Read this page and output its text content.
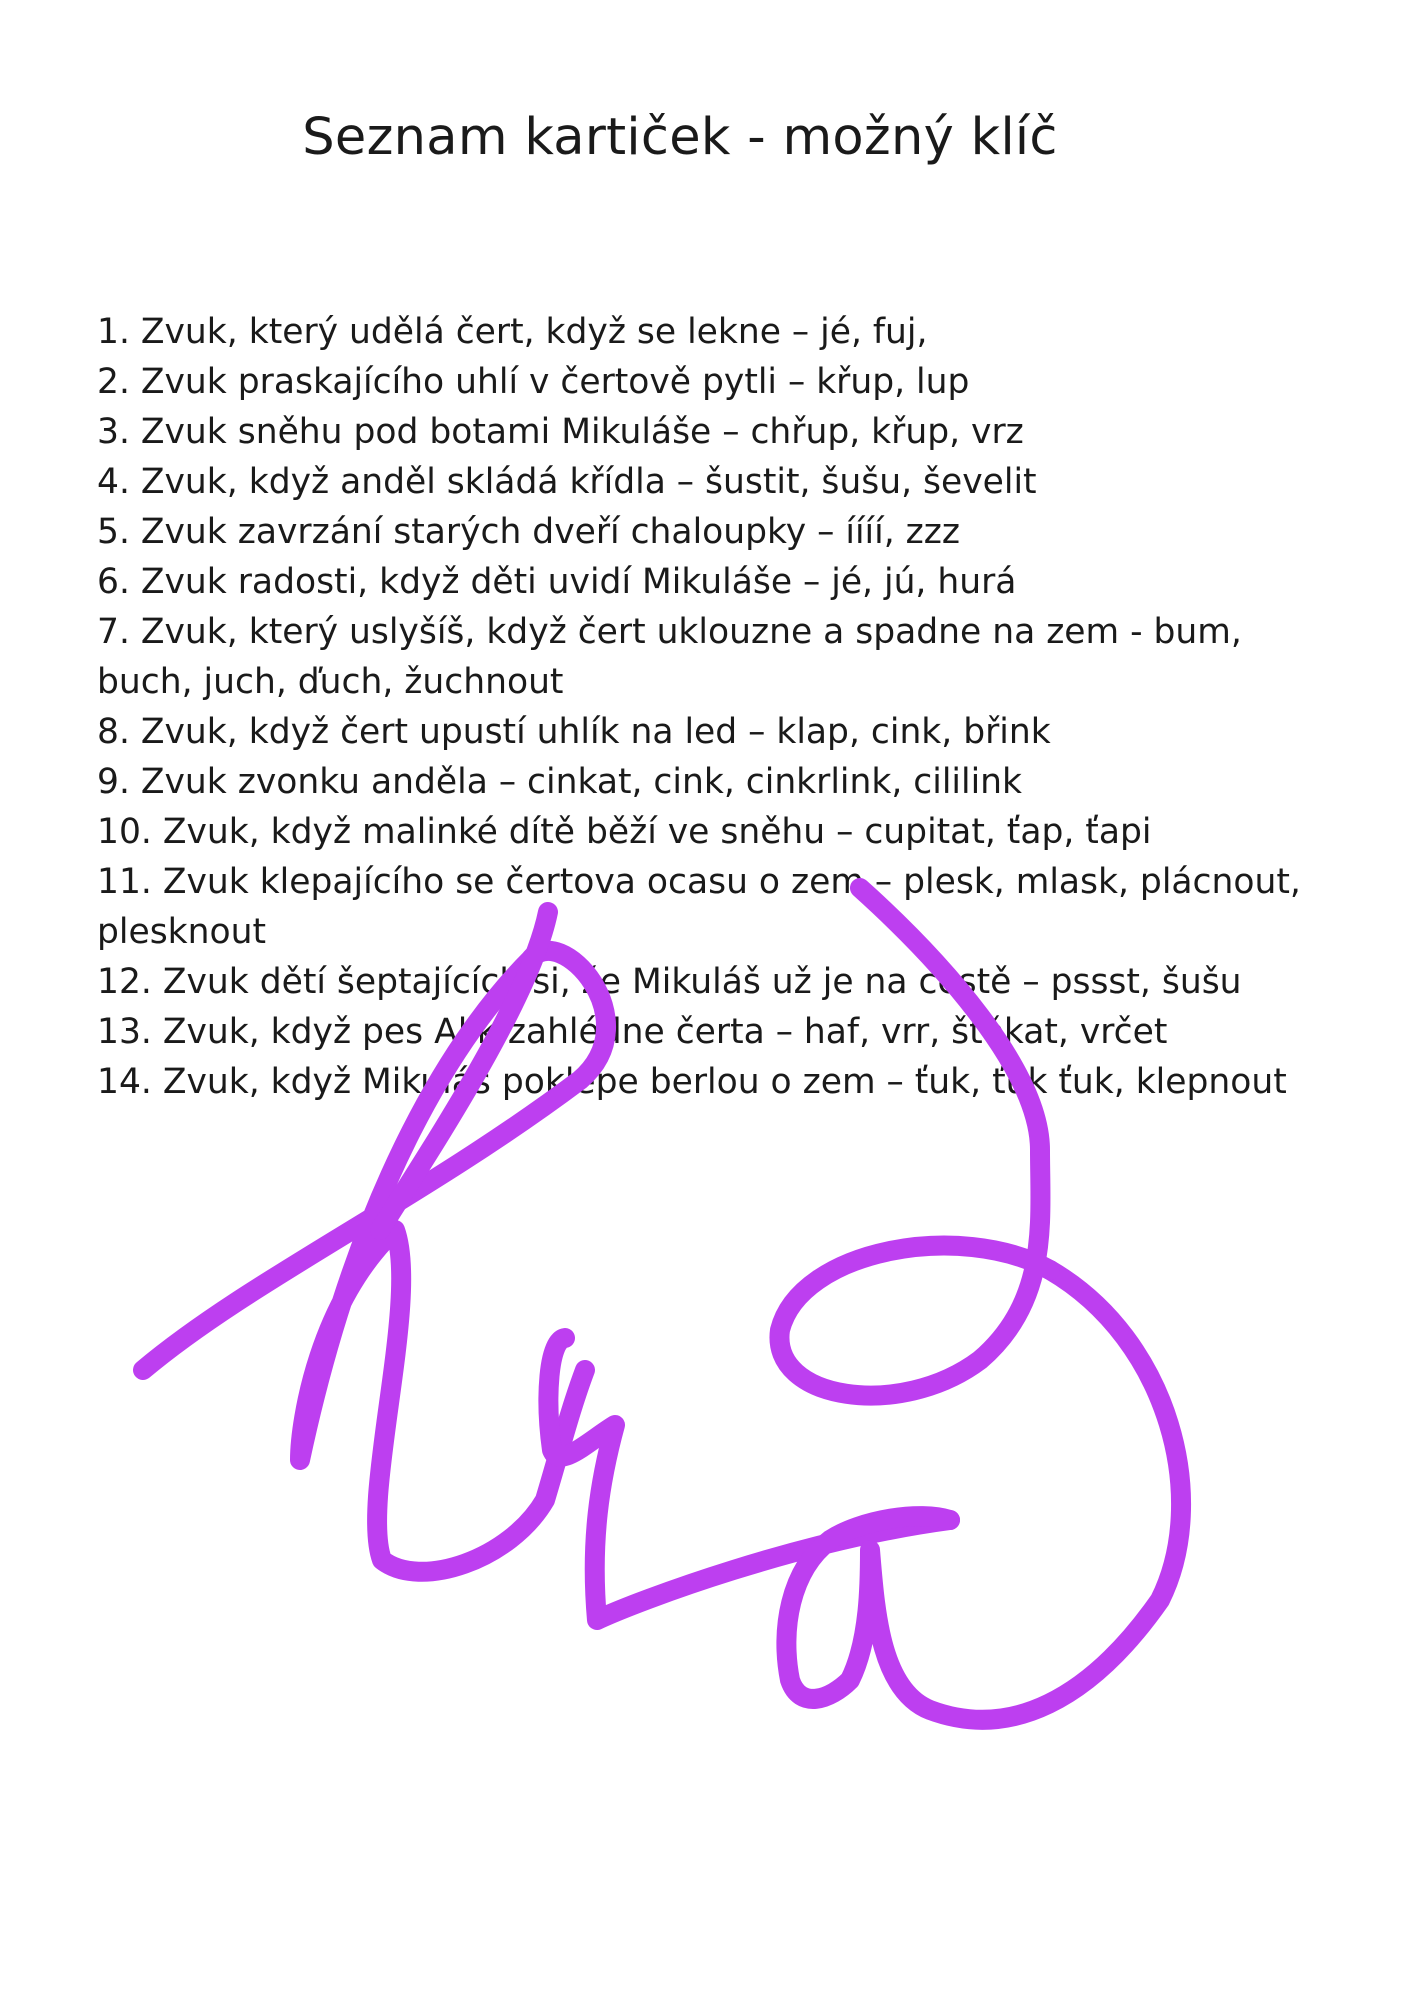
Seznam kartiček - možný klíč
1. Zvuk, který udělá čert, když se lekne – jé, fuj,
2. Zvuk praskajícího uhlí v čertově pytli – křup, lup
3. Zvuk sněhu pod botami Mikuláše – chřup, křup, vrz
4. Zvuk, když anděl skládá křídla – šustit, šušu, ševelit
5. Zvuk zavrzání starých dveří chaloupky – íííí, zzz
6. Zvuk radosti, když děti uvidí Mikuláše – jé, jú, hurá
7. Zvuk, který uslyšíš, když čert uklouzne a spadne na zem - bum, buch, juch, ďuch, žuchnout
8. Zvuk, když čert upustí uhlík na led – klap, cink, břink
9. Zvuk zvonku anděla – cinkat, cink, cinkrlink, cililink
10. Zvuk, když malinké dítě běží ve sněhu – cupitat, ťap, ťapi
11. Zvuk klepajícího se čertova ocasu o zem – plesk, mlask, plácnout, plesknout
12. Zvuk dětí šeptajících si, že Mikuláš už je na cestě – pssst, šušu
13. Zvuk, když pes Alík zahlédne čerta – haf, vrr, štěkat, vrčet
14. Zvuk, když Mikuláš poklepe berlou o zem – ťuk, ťuk ťuk, klepnout
